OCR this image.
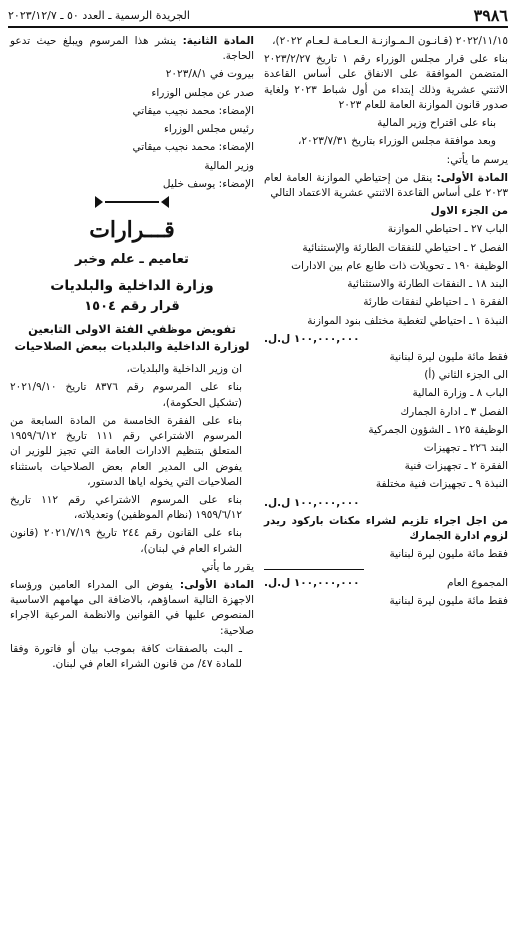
٣٩٨٦
الجريدة الرسمية ـ العدد ٥٠ ـ ٢٠٢٣/١٢/٧

٢٠٢٢/١١/١٥ (قـانـون الـمـوازنـة الـعـامـة لـعـام ٢٠٢٢)،

بناء على قرار مجلس الوزراء رقم ١ تاريخ ٢٠٢٣/٢/٢٧ المتضمن الموافقة على الانفاق على أساس القاعدة الاثنتي عشرية وذلك إبتداء من أول شباط ٢٠٢٣ ولغاية صدور قانون الموازنة العامة للعام ٢٠٢٣

بناء على اقتراح وزير المالية

وبعد موافقة مجلس الوزراء بتاريخ ٢٠٢٣/٧/٣١،

يرسم ما يأتي:

المادة الأولى: ينقل من إحتياطي الموازنة العامة لعام ٢٠٢٣ على أساس القاعدة الاثنتي عشرية الاعتماد التالي

من الجزء الاول

الباب ٢٧ ـ احتياطي الموازنة

الفصل ٢ ـ احتياطي للنفقات الطارئة والإستثنائية

الوظيفة ١٩٠ ـ تحويلات ذات طابع عام بين الادارات

البند ١٨ ـ النفقات الطارئة والاستثنائية

الفقرة ١ ـ احتياطي لنفقات طارئة

النبذة ١ ـ احتياطي لتغطية مختلف بنود الموازنة

١٠٠,٠٠٠,٠٠٠ ل.ل.

فقط مائة مليون ليرة لبنانية

الى الجزء الثاني (أ)

الباب ٨ ـ وزارة المالية

الفصل ٣ ـ ادارة الجمارك

الوظيفة ١٢٥ ـ الشؤون الجمركية

البند ٢٢٦ ـ تجهيزات

الفقرة ٢ ـ تجهيزات فنية

النبذة ٩ ـ تجهيزات فنية مختلفة

١٠٠,٠٠٠,٠٠٠ ل.ل.

من اجل اجراء تلزيم لشراء مكنات باركود ريدر لزوم ادارة الجمارك

فقط مائة مليون ليرة لبنانية

المجموع العام
١٠٠,٠٠٠,٠٠٠ ل.ل.

فقط مائة مليون ليرة لبنانية

المادة الثانية: ينشر هذا المرسوم ويبلغ حيث تدعو الحاجة.

بيروت في ٢٠٢٣/٨/١

صدر عن مجلس الوزراء

الإمضاء: محمد نجيب ميقاتي

رئيس مجلس الوزراء

الإمضاء: محمد نجيب ميقاتي

وزير المالية

الإمضاء: يوسف خليل

قـــرارات
تعاميم ـ علم وخبر
وزارة الداخلية والبلديات
قرار رقم ١٥٠٤
تفويض موظفي الفئة الاولى التابعين لوزارة الداخلية والبلديات ببعض الصلاحيات

ان وزير الداخلية والبلديات،

بناء على المرسوم رقم ٨٣٧٦ تاريخ ٢٠٢١/٩/١٠ (تشكيل الحكومة)،

بناء على الفقرة الخامسة من المادة السابعة من المرسوم الاشتراعي رقم ١١١ تاريخ ١٩٥٩/٦/١٢ المتعلق بتنظيم الادارات العامة التي تجيز للوزير ان يفوض الى المدير العام بعض الصلاحيات باستثناء الصلاحيات التي يخوله اياها الدستور،

بناء على المرسوم الاشتراعي رقم ١١٢ تاريخ ١٩٥٩/٦/١٢ (نظام الموظفين) وتعديلاته،

بناء على القانون رقم ٢٤٤ تاريخ ٢٠٢١/٧/١٩ (قانون الشراء العام في لبنان)،

يقرر ما يأتي

المادة الأولى: يفوض الى المدراء العامين ورؤساء الاجهزة التالية اسماؤهم، بالاضافة الى مهامهم الاساسية المنصوص عليها في القوانين والانظمة المرعية الاجراء صلاحية:

ـ البت بالصفقات كافة بموجب بيان أو فاتورة وفقا للمادة ٤٧/ من قانون الشراء العام في لبنان.
